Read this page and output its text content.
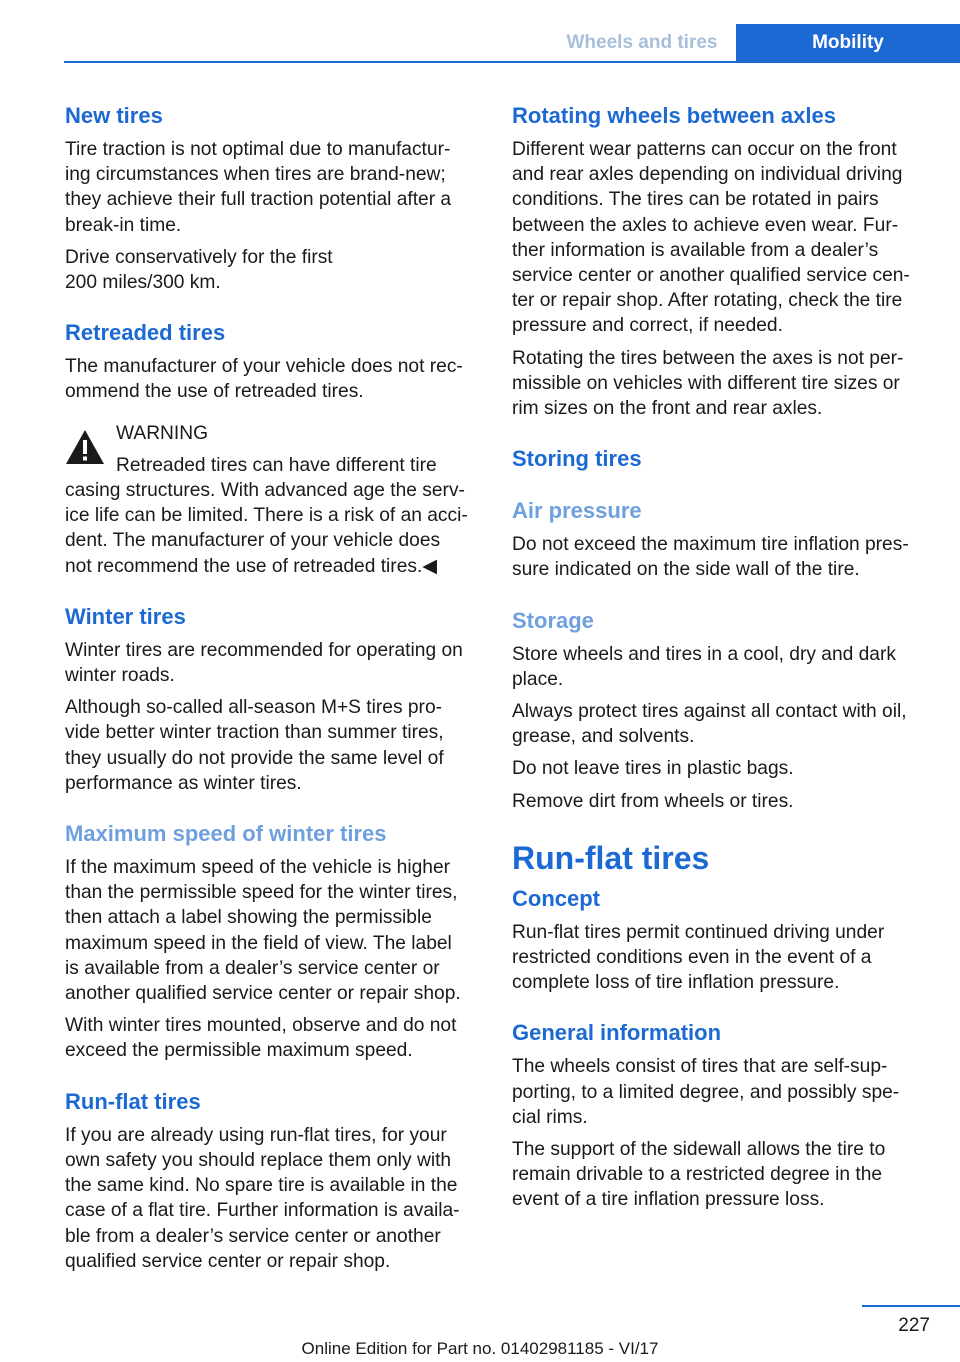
Wheels and tires	Mobility
New tires
Tire traction is not optimal due to manufactur‐
ing circumstances when tires are brand-new;
they achieve their full traction potential after a
break-in time.
Drive conservatively for the first
200 miles/300 km.
Retreaded tires
The manufacturer of your vehicle does not rec‐
ommend the use of retreaded tires.
WARNING
Retreaded tires can have different tire
casing structures. With advanced age the serv‐
ice life can be limited. There is a risk of an acci‐
dent. The manufacturer of your vehicle does
not recommend the use of retreaded tires.◀
Winter tires
Winter tires are recommended for operating on
winter roads.
Although so-called all-season M+S tires pro‐
vide better winter traction than summer tires,
they usually do not provide the same level of
performance as winter tires.
Maximum speed of winter tires
If the maximum speed of the vehicle is higher
than the permissible speed for the winter tires,
then attach a label showing the permissible
maximum speed in the field of view. The label
is available from a dealer’s service center or
another qualified service center or repair shop.
With winter tires mounted, observe and do not
exceed the permissible maximum speed.
Run-flat tires
If you are already using run-flat tires, for your
own safety you should replace them only with
the same kind. No spare tire is available in the
case of a flat tire. Further information is availa‐
ble from a dealer’s service center or another
qualified service center or repair shop.
Rotating wheels between axles
Different wear patterns can occur on the front
and rear axles depending on individual driving
conditions. The tires can be rotated in pairs
between the axles to achieve even wear. Fur‐
ther information is available from a dealer’s
service center or another qualified service cen‐
ter or repair shop. After rotating, check the tire
pressure and correct, if needed.
Rotating the tires between the axes is not per‐
missible on vehicles with different tire sizes or
rim sizes on the front and rear axles.
Storing tires
Air pressure
Do not exceed the maximum tire inflation pres‐
sure indicated on the side wall of the tire.
Storage
Store wheels and tires in a cool, dry and dark
place.
Always protect tires against all contact with oil,
grease, and solvents.
Do not leave tires in plastic bags.
Remove dirt from wheels or tires.
Run-flat tires
Concept
Run-flat tires permit continued driving under
restricted conditions even in the event of a
complete loss of tire inflation pressure.
General information
The wheels consist of tires that are self-sup‐
porting, to a limited degree, and possibly spe‐
cial rims.
The support of the sidewall allows the tire to
remain drivable to a restricted degree in the
event of a tire inflation pressure loss.
227
Online Edition for Part no. 01402981185 - VI/17
